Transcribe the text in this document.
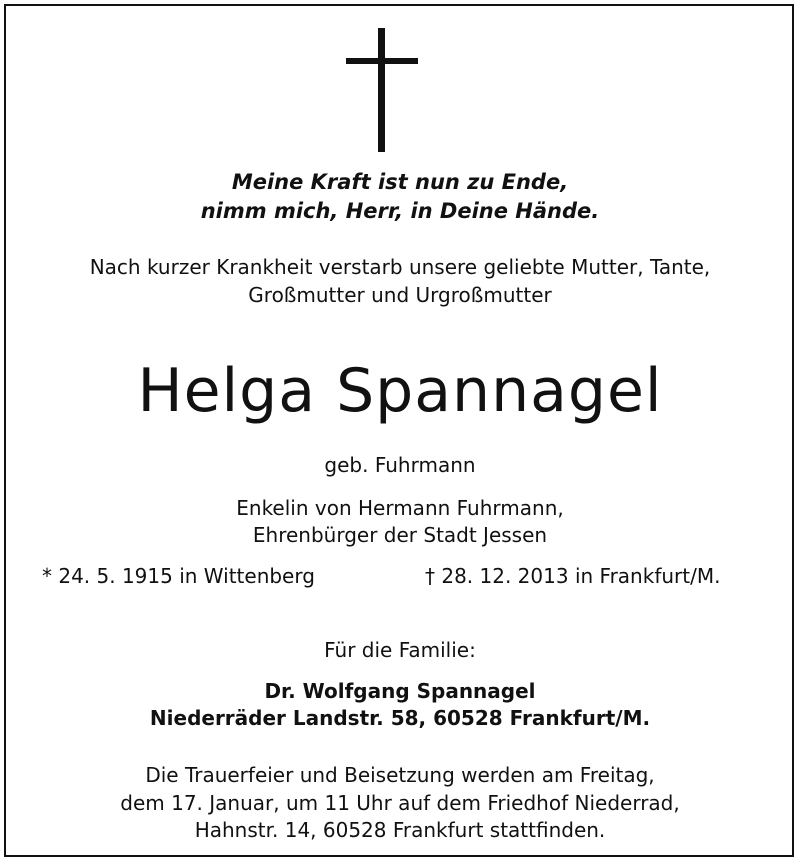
Meine Kraft ist nun zu Ende,
nimm mich, Herr, in Deine Hände.
Nach kurzer Krankheit verstarb unsere geliebte Mutter, Tante,
Großmutter und Urgroßmutter
Helga Spannagel
geb. Fuhrmann
Enkelin von Hermann Fuhrmann,
Ehrenbürger der Stadt Jessen
* 24. 5. 1915 in Wittenberg	† 28. 12. 2013 in Frankfurt/M.
Für die Familie:
Dr. Wolfgang Spannagel
Niederräder Landstr. 58, 60528 Frankfurt/M.
Die Trauerfeier und Beisetzung werden am Freitag,
dem 17. Januar, um 11 Uhr auf dem Friedhof Niederrad,
Hahnstr. 14, 60528 Frankfurt stattfinden.
